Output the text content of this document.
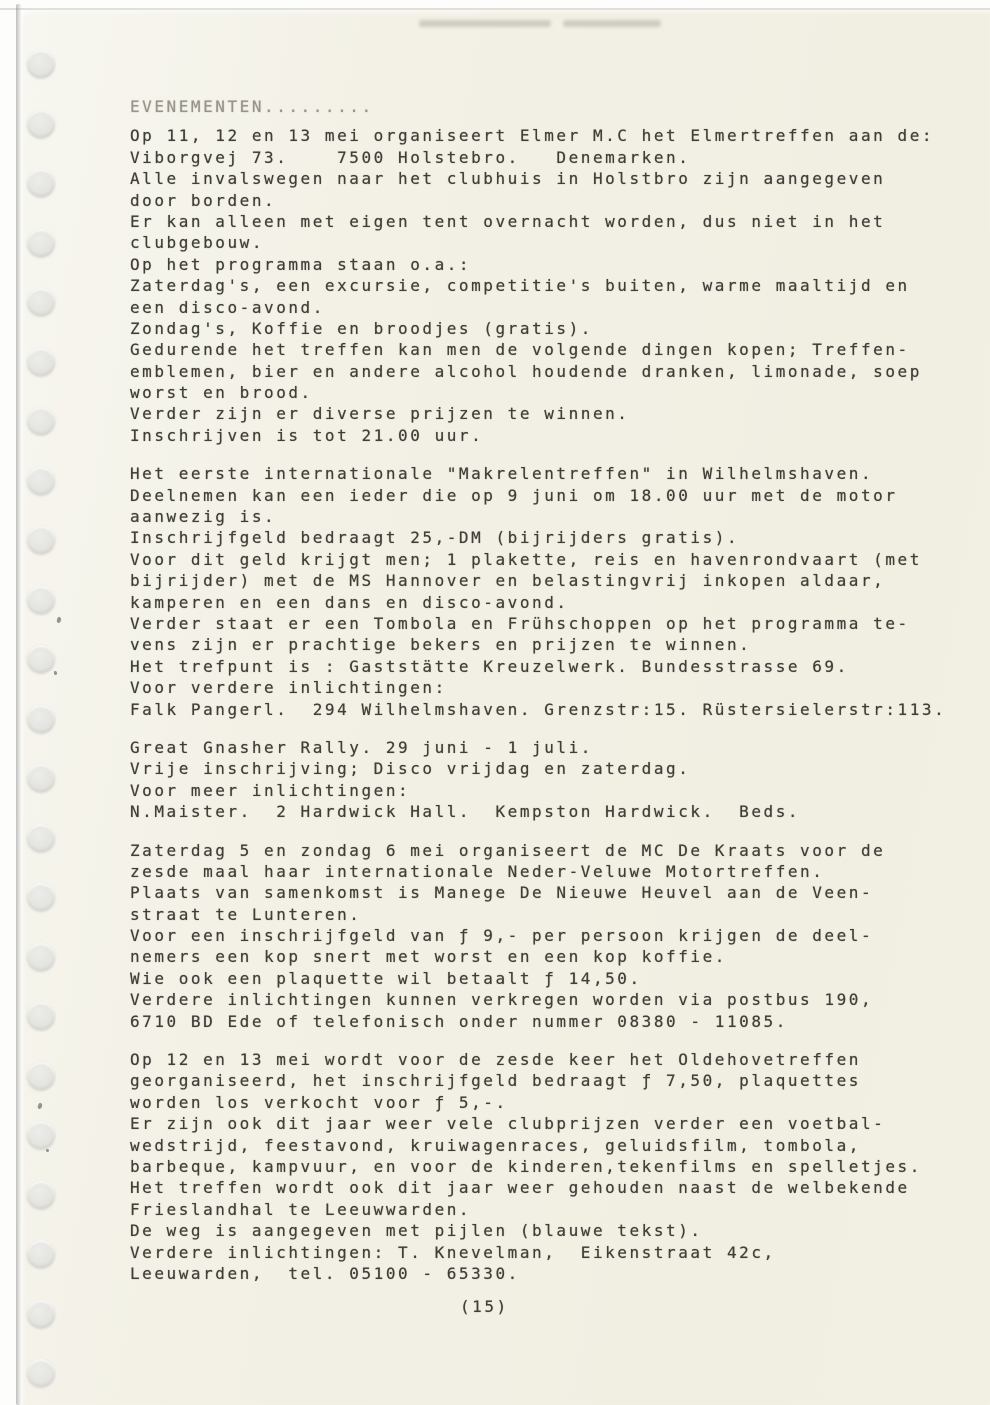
EVENEMENTEN.........
Op 11, 12 en 13 mei organiseert Elmer M.C het Elmertreffen aan de:
Viborgvej 73.    7500 Holstebro.   Denemarken.
Alle invalswegen naar het clubhuis in Holstbro zijn aangegeven
door borden.
Er kan alleen met eigen tent overnacht worden, dus niet in het
clubgebouw.
Op het programma staan o.a.:
Zaterdag's, een excursie, competitie's buiten, warme maaltijd en
een disco-avond.
Zondag's, Koffie en broodjes (gratis).
Gedurende het treffen kan men de volgende dingen kopen; Treffen-
emblemen, bier en andere alcohol houdende dranken, limonade, soep
worst en brood.
Verder zijn er diverse prijzen te winnen.
Inschrijven is tot 21.00 uur.
Het eerste internationale "Makrelentreffen" in Wilhelmshaven.
Deelnemen kan een ieder die op 9 juni om 18.00 uur met de motor
aanwezig is.
Inschrijfgeld bedraagt 25,-DM (bijrijders gratis).
Voor dit geld krijgt men; 1 plakette, reis en havenrondvaart (met
bijrijder) met de MS Hannover en belastingvrij inkopen aldaar,
kamperen en een dans en disco-avond.
Verder staat er een Tombola en Frühschoppen op het programma te-
vens zijn er prachtige bekers en prijzen te winnen.
Het trefpunt is : Gaststätte Kreuzelwerk. Bundesstrasse 69.
Voor verdere inlichtingen:
Falk Pangerl.  294 Wilhelmshaven. Grenzstr:15. Rüstersielerstr:113.
Great Gnasher Rally. 29 juni - 1 juli.
Vrije inschrijving; Disco vrijdag en zaterdag.
Voor meer inlichtingen:
N.Maister.  2 Hardwick Hall.  Kempston Hardwick.  Beds.
Zaterdag 5 en zondag 6 mei organiseert de MC De Kraats voor de
zesde maal haar internationale Neder-Veluwe Motortreffen.
Plaats van samenkomst is Manege De Nieuwe Heuvel aan de Veen-
straat te Lunteren.
Voor een inschrijfgeld van ƒ 9,- per persoon krijgen de deel-
nemers een kop snert met worst en een kop koffie.
Wie ook een plaquette wil betaalt ƒ 14,50.
Verdere inlichtingen kunnen verkregen worden via postbus 190,
6710 BD Ede of telefonisch onder nummer 08380 - 11085.
Op 12 en 13 mei wordt voor de zesde keer het Oldehovetreffen
georganiseerd, het inschrijfgeld bedraagt ƒ 7,50, plaquettes
worden los verkocht voor ƒ 5,-.
Er zijn ook dit jaar weer vele clubprijzen verder een voetbal-
wedstrijd, feestavond, kruiwagenraces, geluidsfilm, tombola,
barbeque, kampvuur, en voor de kinderen,tekenfilms en spelletjes.
Het treffen wordt ook dit jaar weer gehouden naast de welbekende
Frieslandhal te Leeuwwarden.
De weg is aangegeven met pijlen (blauwe tekst).
Verdere inlichtingen: T. Knevelman,  Eikenstraat 42c,
Leeuwarden,  tel. 05100 - 65330.
(15)
